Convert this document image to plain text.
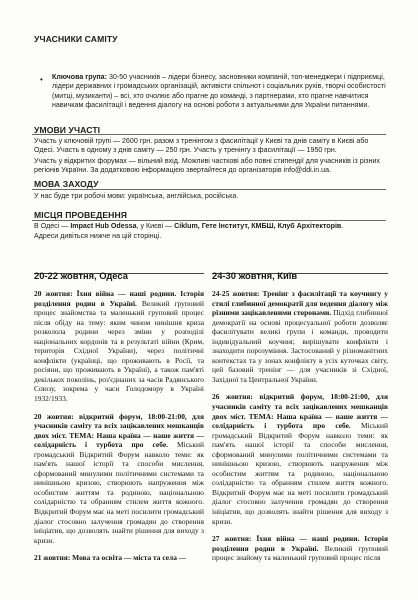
УЧАСНИКИ САМІТУ
• Ключова група: 30-50 учасників – лідери бізнесу, засновники компаній, топ-менеджери і підприємці, лідери державних і громадських організацій, активісти спільнот і соціальних рухів, творчі особистості (митці, музиканти) – всі, хто очолює або прагне до команді, з партнерами, хто прагне навчитися навичкам фасилітації і ведення діалогу на основі роботи з актуальними для України питаннями.

УМОВИ УЧАСТІ

Участь у ключовій групі — 2600 грн. разом з тренінгом з фасилітації у Києві та днів саміту в Києві або Одесі. Участь в одному з днів саміту — 250 грн. Участь у тренінгу з фасилітації — 1950 грн.

Участь у відкритих форумах — вільний вхід. Можливі часткові або повні стипендії для учасників із різних регіонів України. За додатковою інформацією звертайтеся до організаторів info@ddi.in.ua.

МОВА ЗАХОДУ

У нас буде три робочі мови: українська, англійська, російська.

МІСЦЯ ПРОВЕДЕННЯ

В Одесі — Impact Hub Odessa, у Києві — Ciklum, Гете Інститут, КМБШ, Клуб Архітекторів.

Адреси дивіться нижче на цій сторінці.

20-22 жовтня, Одеса

20 жовтня: Їхня війна — наші родини. Історія розділення родин в Україні. Великий груповий процес знайомства та маленький груповий процес після обіду на тему: яким чином нинішня криза розколола родини через зміни у розподілі національних кордонів та в результаті війни (Крим, територія Східної України), через політичні конфлікти (українці, що проживають в Росії, та росіяни, що проживають в Україні), а також пам'яті декількох поколінь, роз'єднаних за часів Радянського Союзу, зокрема у часи Голодомору в Україні 1932/1933.

20 жовтня: відкритий форум, 18:00-21:00, для учасників саміту та всіх зацікавлених мешканців двох міст. ТЕМА: Наша країна — наше життя — солідарність і турбота про себе. Міський громадський Відкритий Форум навколо теми: як пам'ять нашої історії та способи мислення, сформований минулими політичними системами та нинішньою кризою, створюють напруження між особистим життям та родиною, національною солідарністю та обранням стилем життя кожного. Відкритий Форум має на меті посилити громадський діалог стосовно залучення громадян до створення ініціатив, що дозволять знайти рішення для виходу з кризи.

21 жовтня: Мова та освіта — міста та села —

24-30 жовтня, Київ

24-25 жовтня: Тренінг з фасилітації та коучингу у стилі глибинної демократії для ведення діалогу між різними зацікавленими сторонами. Підхід глибинної демократії на основі процесуальної роботи дозволяє фасилітувати великі групи і команди, проводити індивідуальний коучинг, вирішувати конфлікти і знаходити порозуміння. Застосований у різноманітних контекстах та у зонах конфлікту в усіх куточках світу, цей базовий тренінг — для учасників зі Східної, Західної та Центральної України.

26 жовтня: відкритий форум, 18:00-21:00, для учасників саміту та всіх зацікавлених мешканців двох міст. ТЕМА: Наша країна — наше життя — солідарність і турбота про себе. Міський громадський Відкритий Форум навколо теми: як пам'ять нашої історії та способи мислення, сформований минулими політичними системами та нинішньою кризою, створюють напруження між особистим життям та родиною, національною солідарністю та обранням стилем життя кожного. Відкритий Форум має на меті посилити громадський діалог стосовно залучення громадян до створення ініціатив, що дозволять знайти рішення для виходу з кризи.

27 жовтня: Їхня війна — наші родини. Історія розділення родин в Україні. Великий груповий процес знайому та маленький груповий процес після
